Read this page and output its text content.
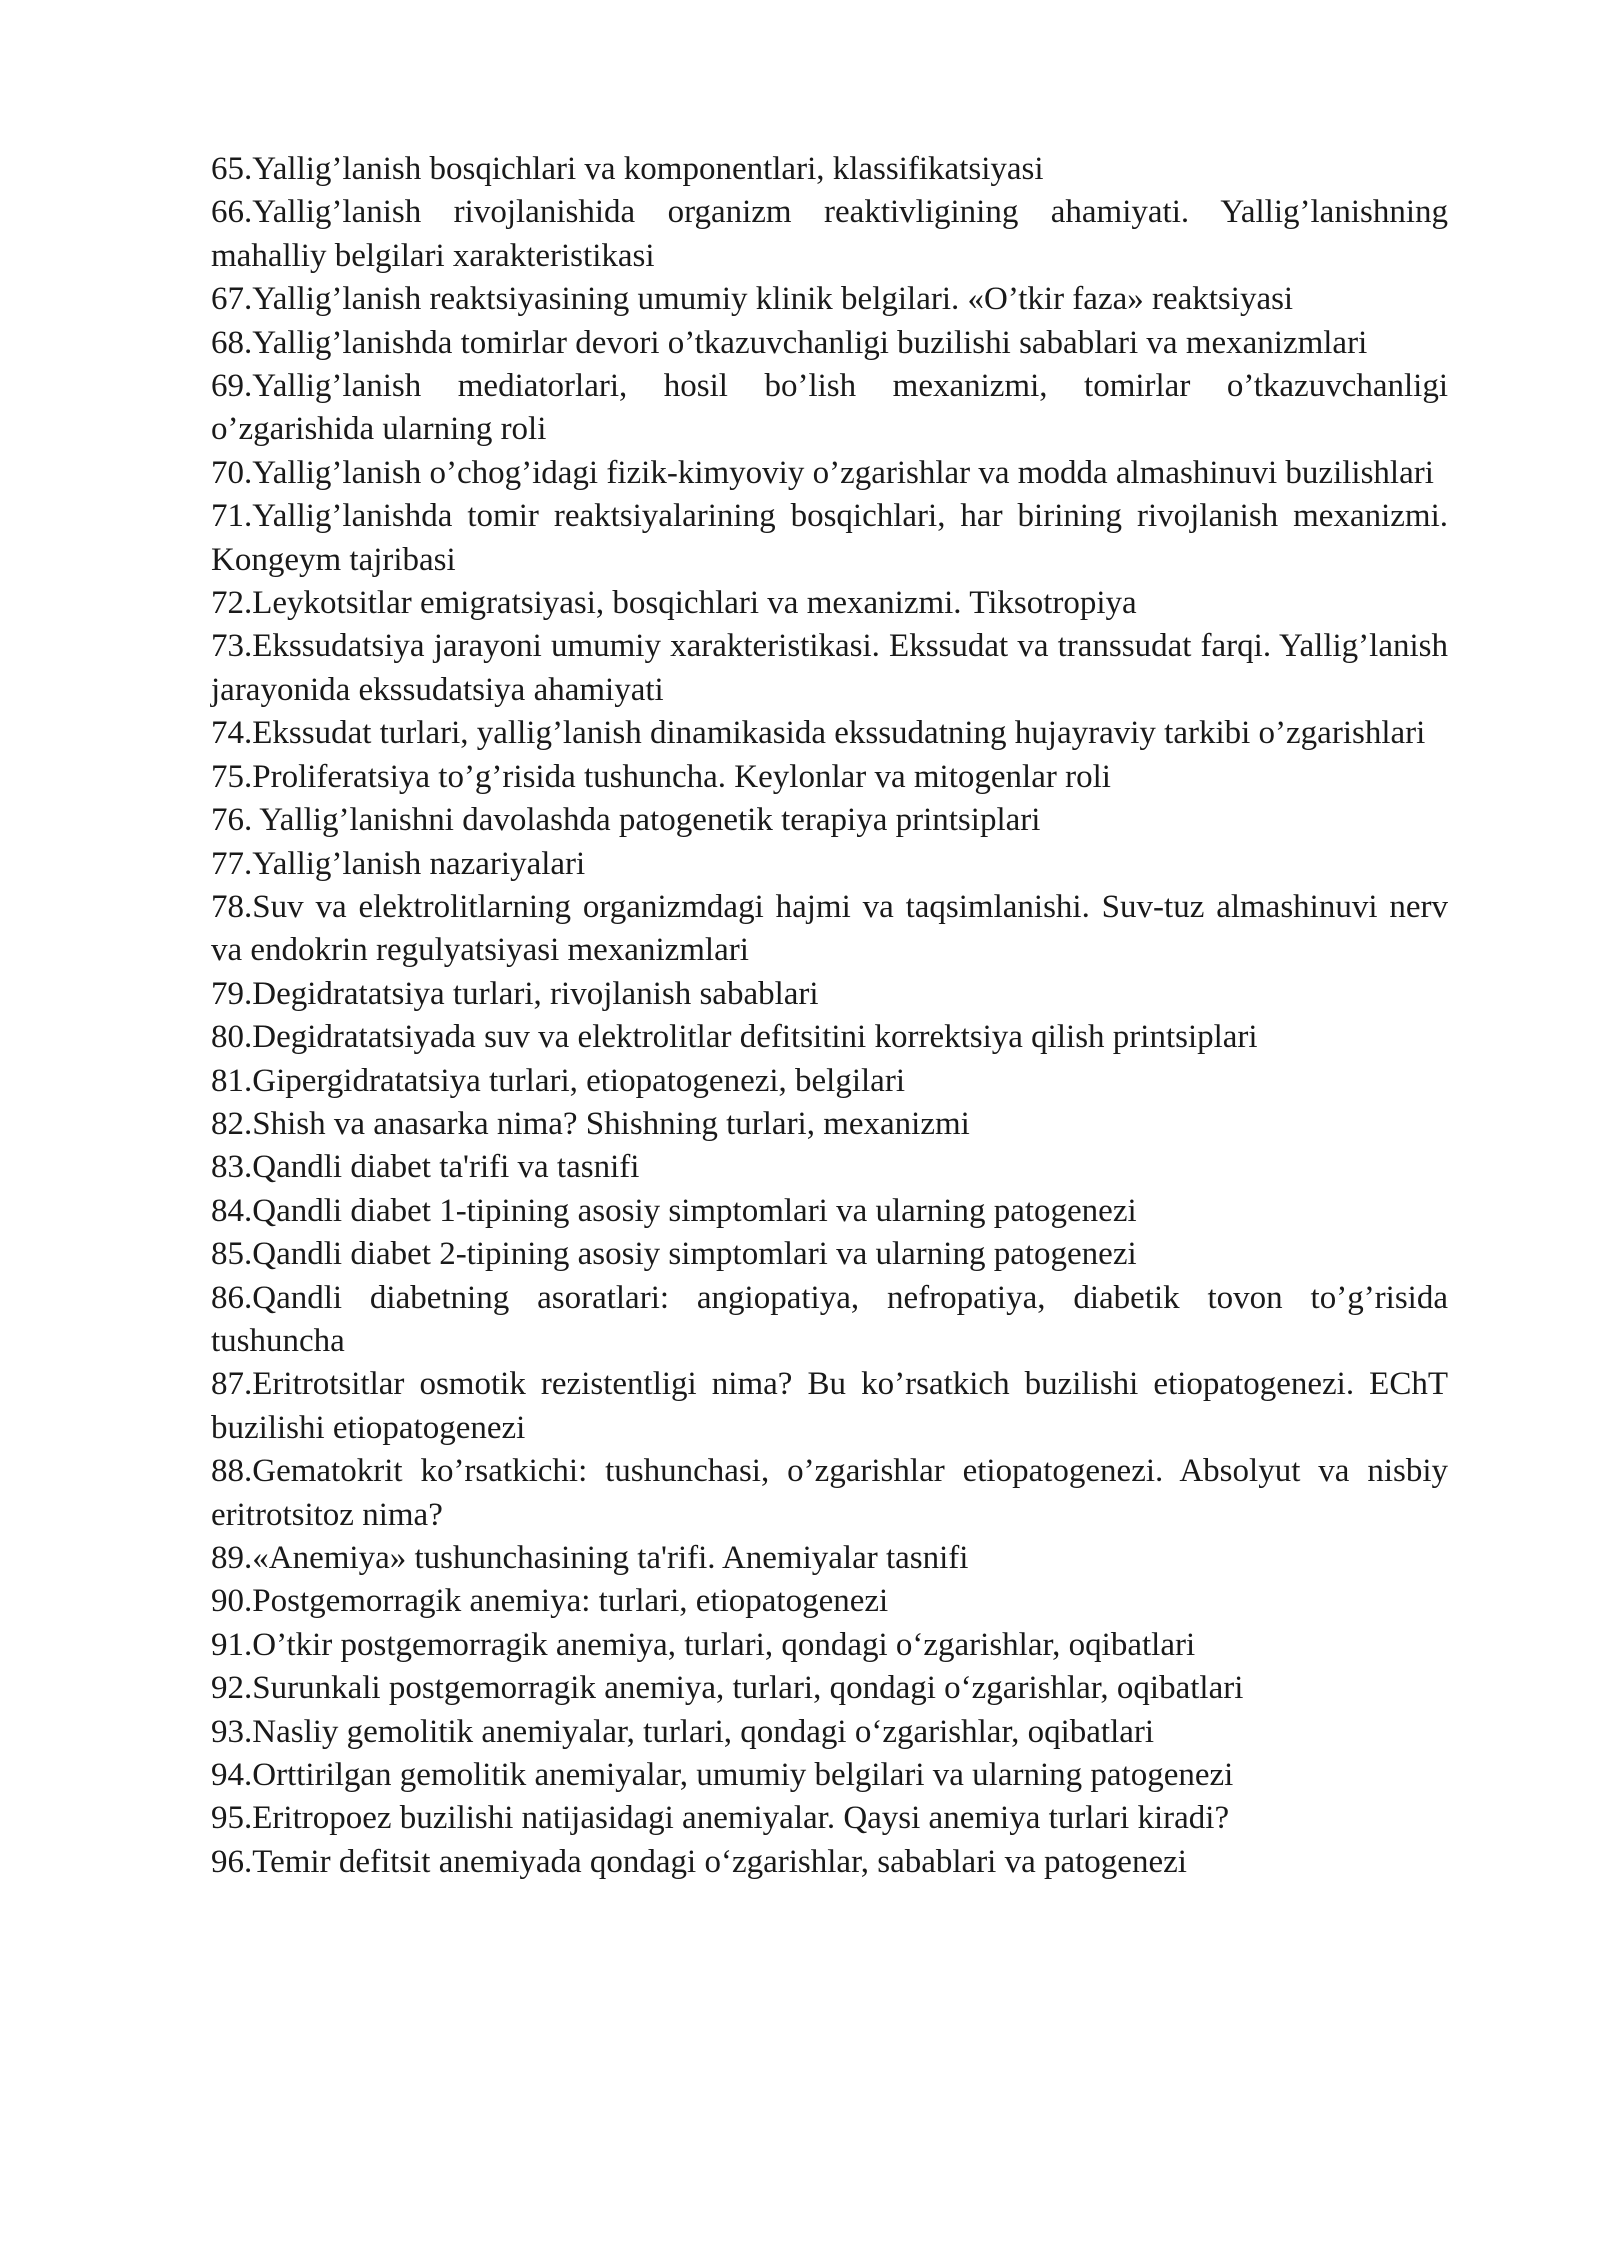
65.Yallig’lanish bosqichlari va komponentlari, klassifikatsiyasi

66.Yallig’lanish rivojlanishida organizm reaktivligining ahamiyati. Yallig’lanishning mahalliy belgilari xarakteristikasi

67.Yallig’lanish reaktsiyasining umumiy klinik belgilari. «O’tkir faza» reaktsiyasi

68.Yallig’lanishda tomirlar devori o’tkazuvchanligi buzilishi sabablari va mexanizmlari

69.Yallig’lanish mediatorlari, hosil bo’lish mexanizmi, tomirlar o’tkazuvchanligi o’zgarishida ularning roli

70.Yallig’lanish o’chog’idagi fizik-kimyoviy o’zgarishlar va modda almashinuvi buzilishlari

71.Yallig’lanishda tomir reaktsiyalarining bosqichlari, har birining rivojlanish mexanizmi. Kongeym tajribasi

72.Leykotsitlar emigratsiyasi, bosqichlari va mexanizmi. Tiksotropiya

73.Ekssudatsiya jarayoni umumiy xarakteristikasi. Ekssudat va transsudat farqi. Yallig’lanish jarayonida ekssudatsiya ahamiyati

74.Ekssudat turlari, yallig’lanish dinamikasida ekssudatning hujayraviy tarkibi o’zgarishlari

75.Proliferatsiya to’g’risida tushuncha. Keylonlar va mitogenlar roli

76. Yallig’lanishni davolashda patogenetik terapiya printsiplari

77.Yallig’lanish nazariyalari

78.Suv va elektrolitlarning organizmdagi hajmi va taqsimlanishi. Suv-tuz almashinuvi nerv va endokrin regulyatsiyasi mexanizmlari

79.Degidratatsiya turlari, rivojlanish sabablari

80.Degidratatsiyada suv va elektrolitlar defitsitini korrektsiya qilish printsiplari

81.Gipergidratatsiya turlari, etiopatogenezi, belgilari

82.Shish va anasarka nima? Shishning turlari, mexanizmi

83.Qandli diabet ta'rifi va tasnifi

84.Qandli diabet 1-tipining asosiy simptomlari va ularning patogenezi

85.Qandli diabet 2-tipining asosiy simptomlari va ularning patogenezi

86.Qandli diabetning asoratlari: angiopatiya, nefropatiya, diabetik tovon to’g’risida tushuncha

87.Eritrotsitlar osmotik rezistentligi nima? Bu ko’rsatkich buzilishi etiopatogenezi. EChT buzilishi etiopatogenezi

88.Gematokrit ko’rsatkichi: tushunchasi, o’zgarishlar etiopatogenezi. Absolyut va nisbiy eritrotsitoz nima?

89.«Anemiya» tushunchasining ta'rifi. Anemiyalar tasnifi

90.Postgemorragik anemiya: turlari, etiopatogenezi

91.O’tkir postgemorragik anemiya, turlari, qondagi o‘zgarishlar, oqibatlari

92.Surunkali postgemorragik anemiya, turlari, qondagi o‘zgarishlar, oqibatlari

93.Nasliy gemolitik anemiyalar, turlari, qondagi o‘zgarishlar, oqibatlari

94.Orttirilgan gemolitik anemiyalar, umumiy belgilari va ularning patogenezi

95.Eritropoez buzilishi natijasidagi anemiyalar. Qaysi anemiya turlari kiradi?

96.Temir defitsit anemiyada qondagi o‘zgarishlar, sabablari va patogenezi
